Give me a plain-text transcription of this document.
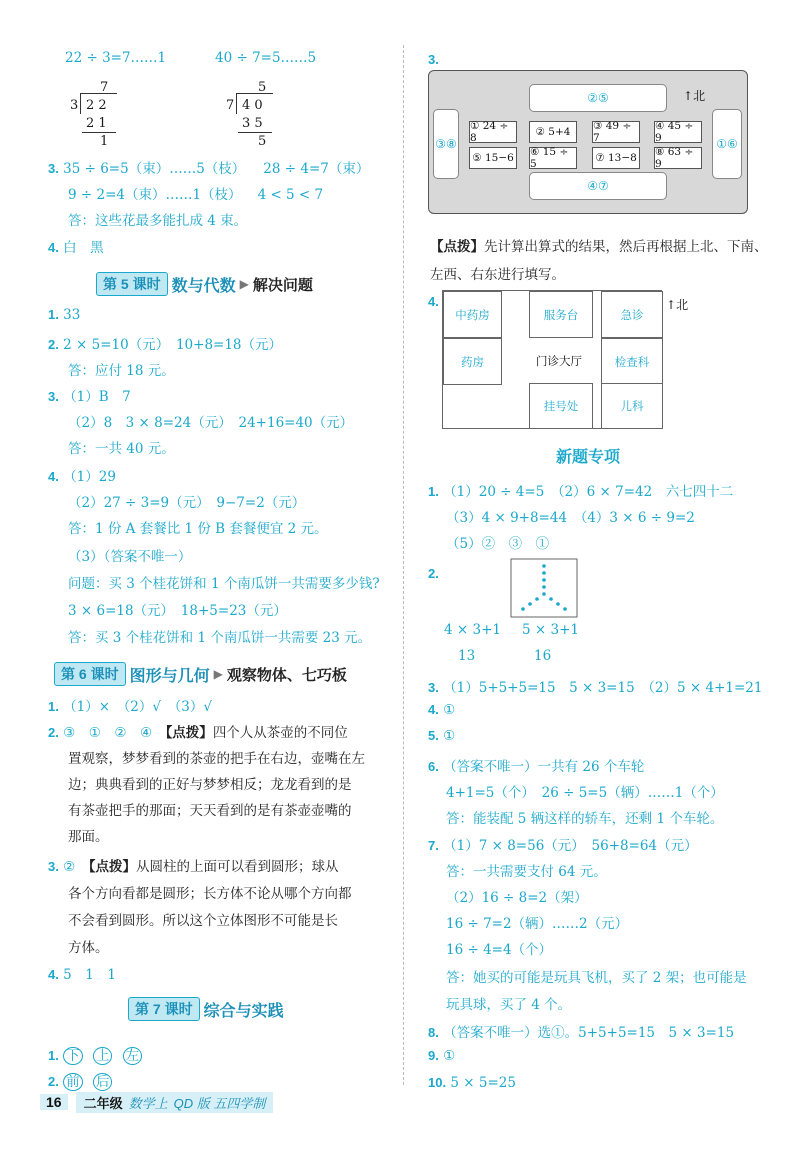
22 ÷ 3=7……1	40 ÷ 7=5……5
7
3 2 2
2 1
1
5
7 4 0
3 5
5
3. 35 ÷ 6=5（束）……5（枝） 28 ÷ 4=7（束）
9 ÷ 2=4（束）……1（枝） 4 < 5 < 7
答：这些花最多能扎成 4 束。
4. 白　黑
第 5 课时 数与代数 ▶ 解决问题
1. 33
2. 2 × 5=10（元）　10+8=18（元）
答：应付 18 元。
3. （1）B　7
（2）8　3 × 8=24（元）　24+16=40（元）
答：一共 40 元。
4. （1）29
（2）27 ÷ 3=9（元）　9−7=2（元）
答：1 份 A 套餐比 1 份 B 套餐便宜 2 元。
（3）（答案不唯一）
问题：买 3 个桂花饼和 1 个南瓜饼一共需要多少钱?
3 × 6=18（元）　18+5=23（元）
答：买 3 个桂花饼和 1 个南瓜饼一共需要 23 元。
第 6 课时 图形与几何 ▶ 观察物体、七巧板
1. （1）×　（2）√　（3）√
2. ③　①　②　④　 【点拨】四个人从茶壶的不同位
置观察，梦梦看到的茶壶的把手在右边，壶嘴在左
边；典典看到的正好与梦梦相反；龙龙看到的是
有茶壶把手的那面；天天看到的是有茶壶壶嘴的
那面。
3. ②　 【点拨】从圆柱的上面可以看到圆形；球从
各个方向看都是圆形；长方体不论从哪个方向都
不会看到圆形。所以这个立体图形不可能是长
方体。
4. 5　1　1
第 7 课时 综合与实践
1. 下 上 左
2. 前 后
3.
②⑤
④⑦
③⑧	①⑥
① 24 ÷ 8	② 5+4	③ 49 ÷ 7
④ 45 ÷ 9
⑤ 15−6	⑥ 15 ÷ 5	⑦ 13−8	⑧ 63 ÷ 9
↑北
【点拨】先计算出算式的结果，然后再根据上北、下南、
左西、右东进行填写。
4.
中药房	服务台	急诊
药房	门诊大厅	检查科
挂号处	儿科
↑北
新题专项
1. （1）20 ÷ 4=5　（2）6 × 7=42　六七四十二
（3）4 × 9+8=44　（4）3 × 6 ÷ 9=2
（5）②　③　①
2.
4 × 3+1 5 × 3+1
13	16
3. （1）5+5+5=15　5 × 3=15　（2）5 × 4+1=21
4. ①
5. ①
6. （答案不唯一）一共有 26 个车轮
4+1=5（个）　26 ÷ 5=5（辆）……1（个）
答：能装配 5 辆这样的轿车，还剩 1 个车轮。
7. （1）7 × 8=56（元）　56+8=64（元）
答：一共需要支付 64 元。
（2）16 ÷ 8=2（架）
16 ÷ 7=2（辆）……2（元）
16 ÷ 4=4（个）
答：她买的可能是玩具飞机，买了 2 架；也可能是
玩具球，买了 4 个。
8. （答案不唯一）选①。5+5+5=15　5 × 3=15
9. ①
10. 5 × 5=25
16	二年级 数学上 QD 版 五四学制
